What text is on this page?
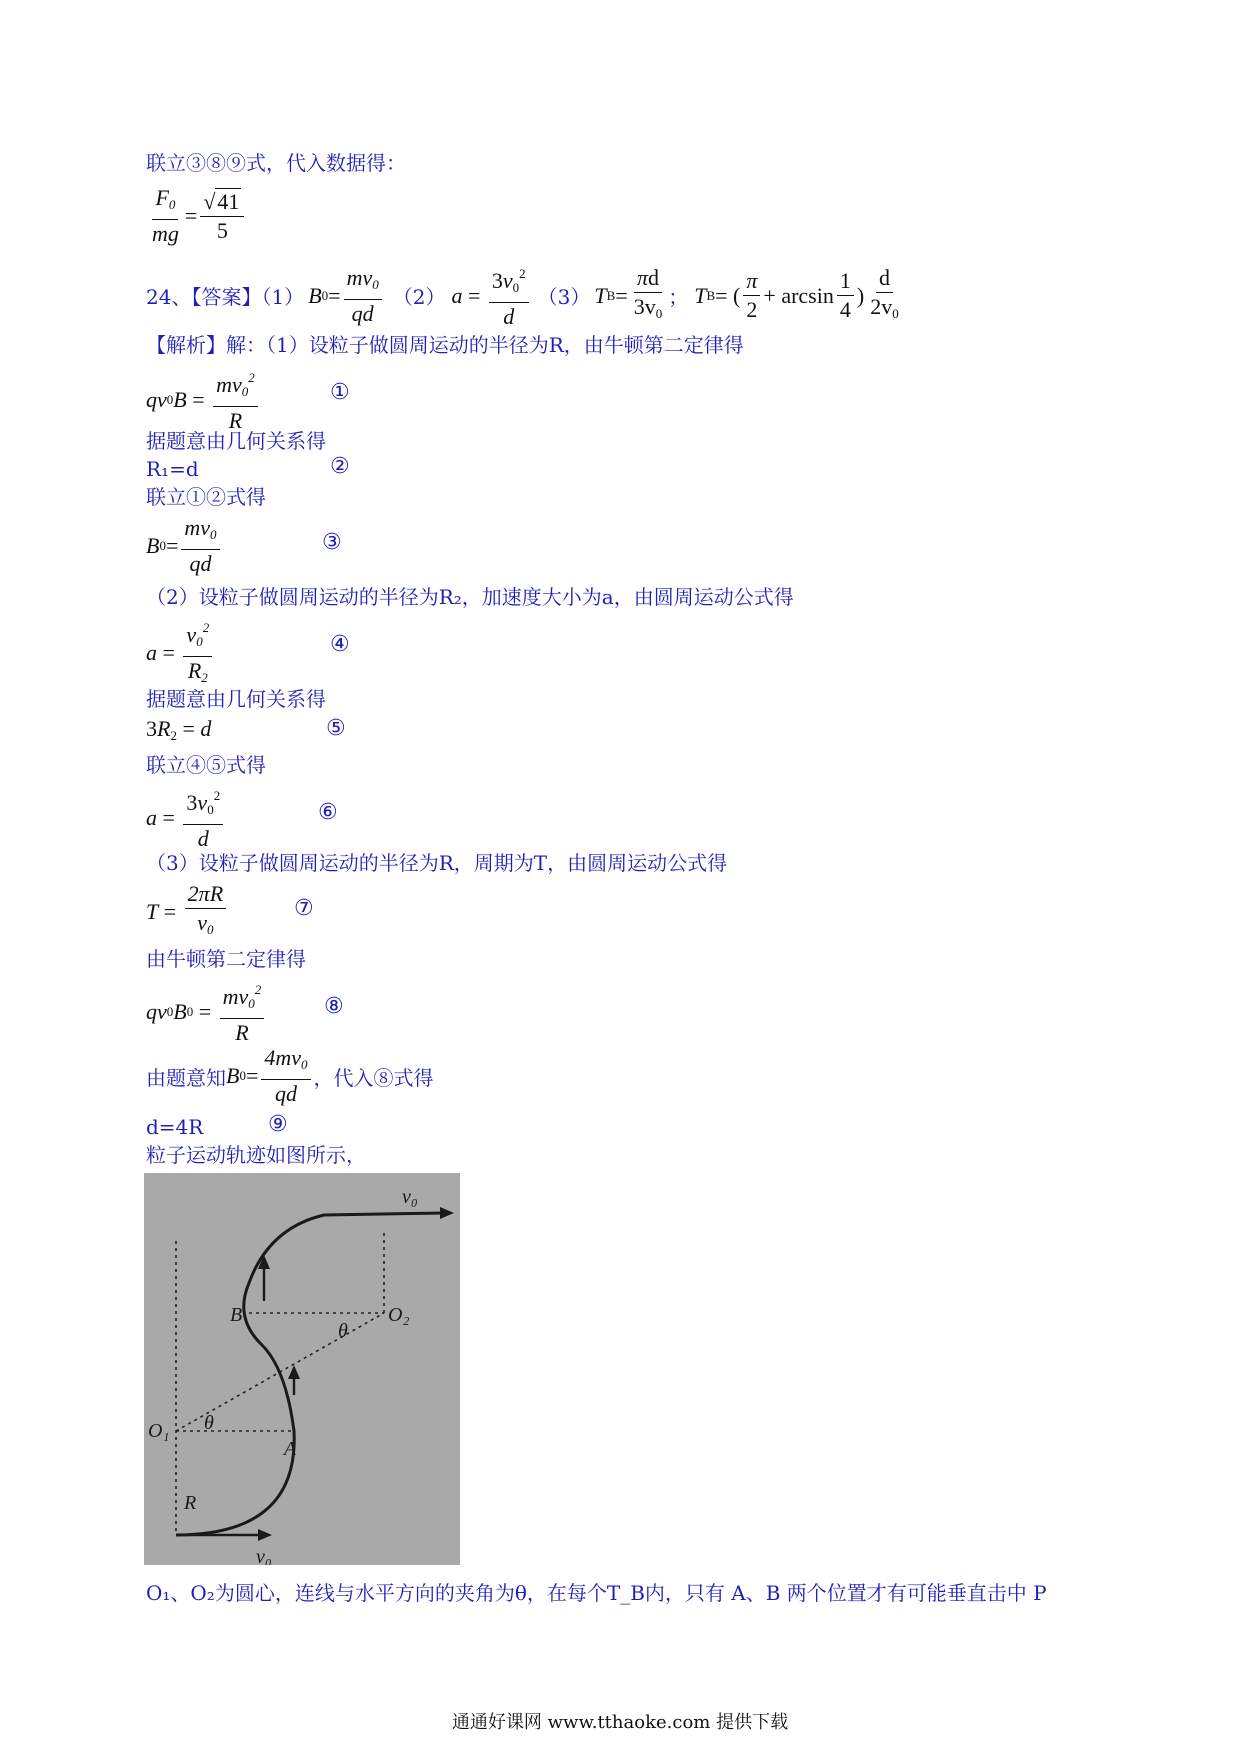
联立③⑧⑨式，代入数据得：
$\frac{F_0}{mg} = \frac{√41}{5}$
24、【答案】（1） B $0 = \frac{mv_0}{qd} (2) a = \frac{3v_0^2}{d} (3)$ T $B = \frac{\pi d}{3v_0}$ ； T B = ( $\frac{\pi}{2} + \arcsin \frac{1}{4}$ ) $\frac{d}{2v_0}$
【解析】解：（1）设粒子做圆周运动的半径为R，由牛顿第二定律得
qv 0 $B = \frac{mv_0^2}{R}$	①
据题意由几何关系得
R₁=d	②
联立①②式得
B $0 = \frac{mv_0}{qd}$	③
（2）设粒子做圆周运动的半径为R₂，加速度大小为a，由圆周运动公式得
$a = \frac{v_0^2}{R_2}$	④
据题意由几何关系得
$3R_2 = d$	⑤
联立④⑤式得
$a = \frac{3v_0^2}{d}$	⑥
（3）设粒子做圆周运动的半径为R，周期为T，由圆周运动公式得
$T = \frac{2\pi R}{v_0}$	⑦
由牛顿第二定律得
qv 0 B $0 = \frac{mv_0^2}{R}$	⑧
由题意知 B $0 = \frac{4mv_0}{qd}$ ，代入⑧式得
d=4R	⑨
粒子运动轨迹如图所示，
v₀
v₀
B
A
O₁
O₂
θ
θ
R
O₁、O₂为圆心，连线与水平方向的夹角为θ，在每个T_B内，只有 A、B 两个位置才有可能垂直击中 P
通通好课网 www.tthaoke.com 提供下载
